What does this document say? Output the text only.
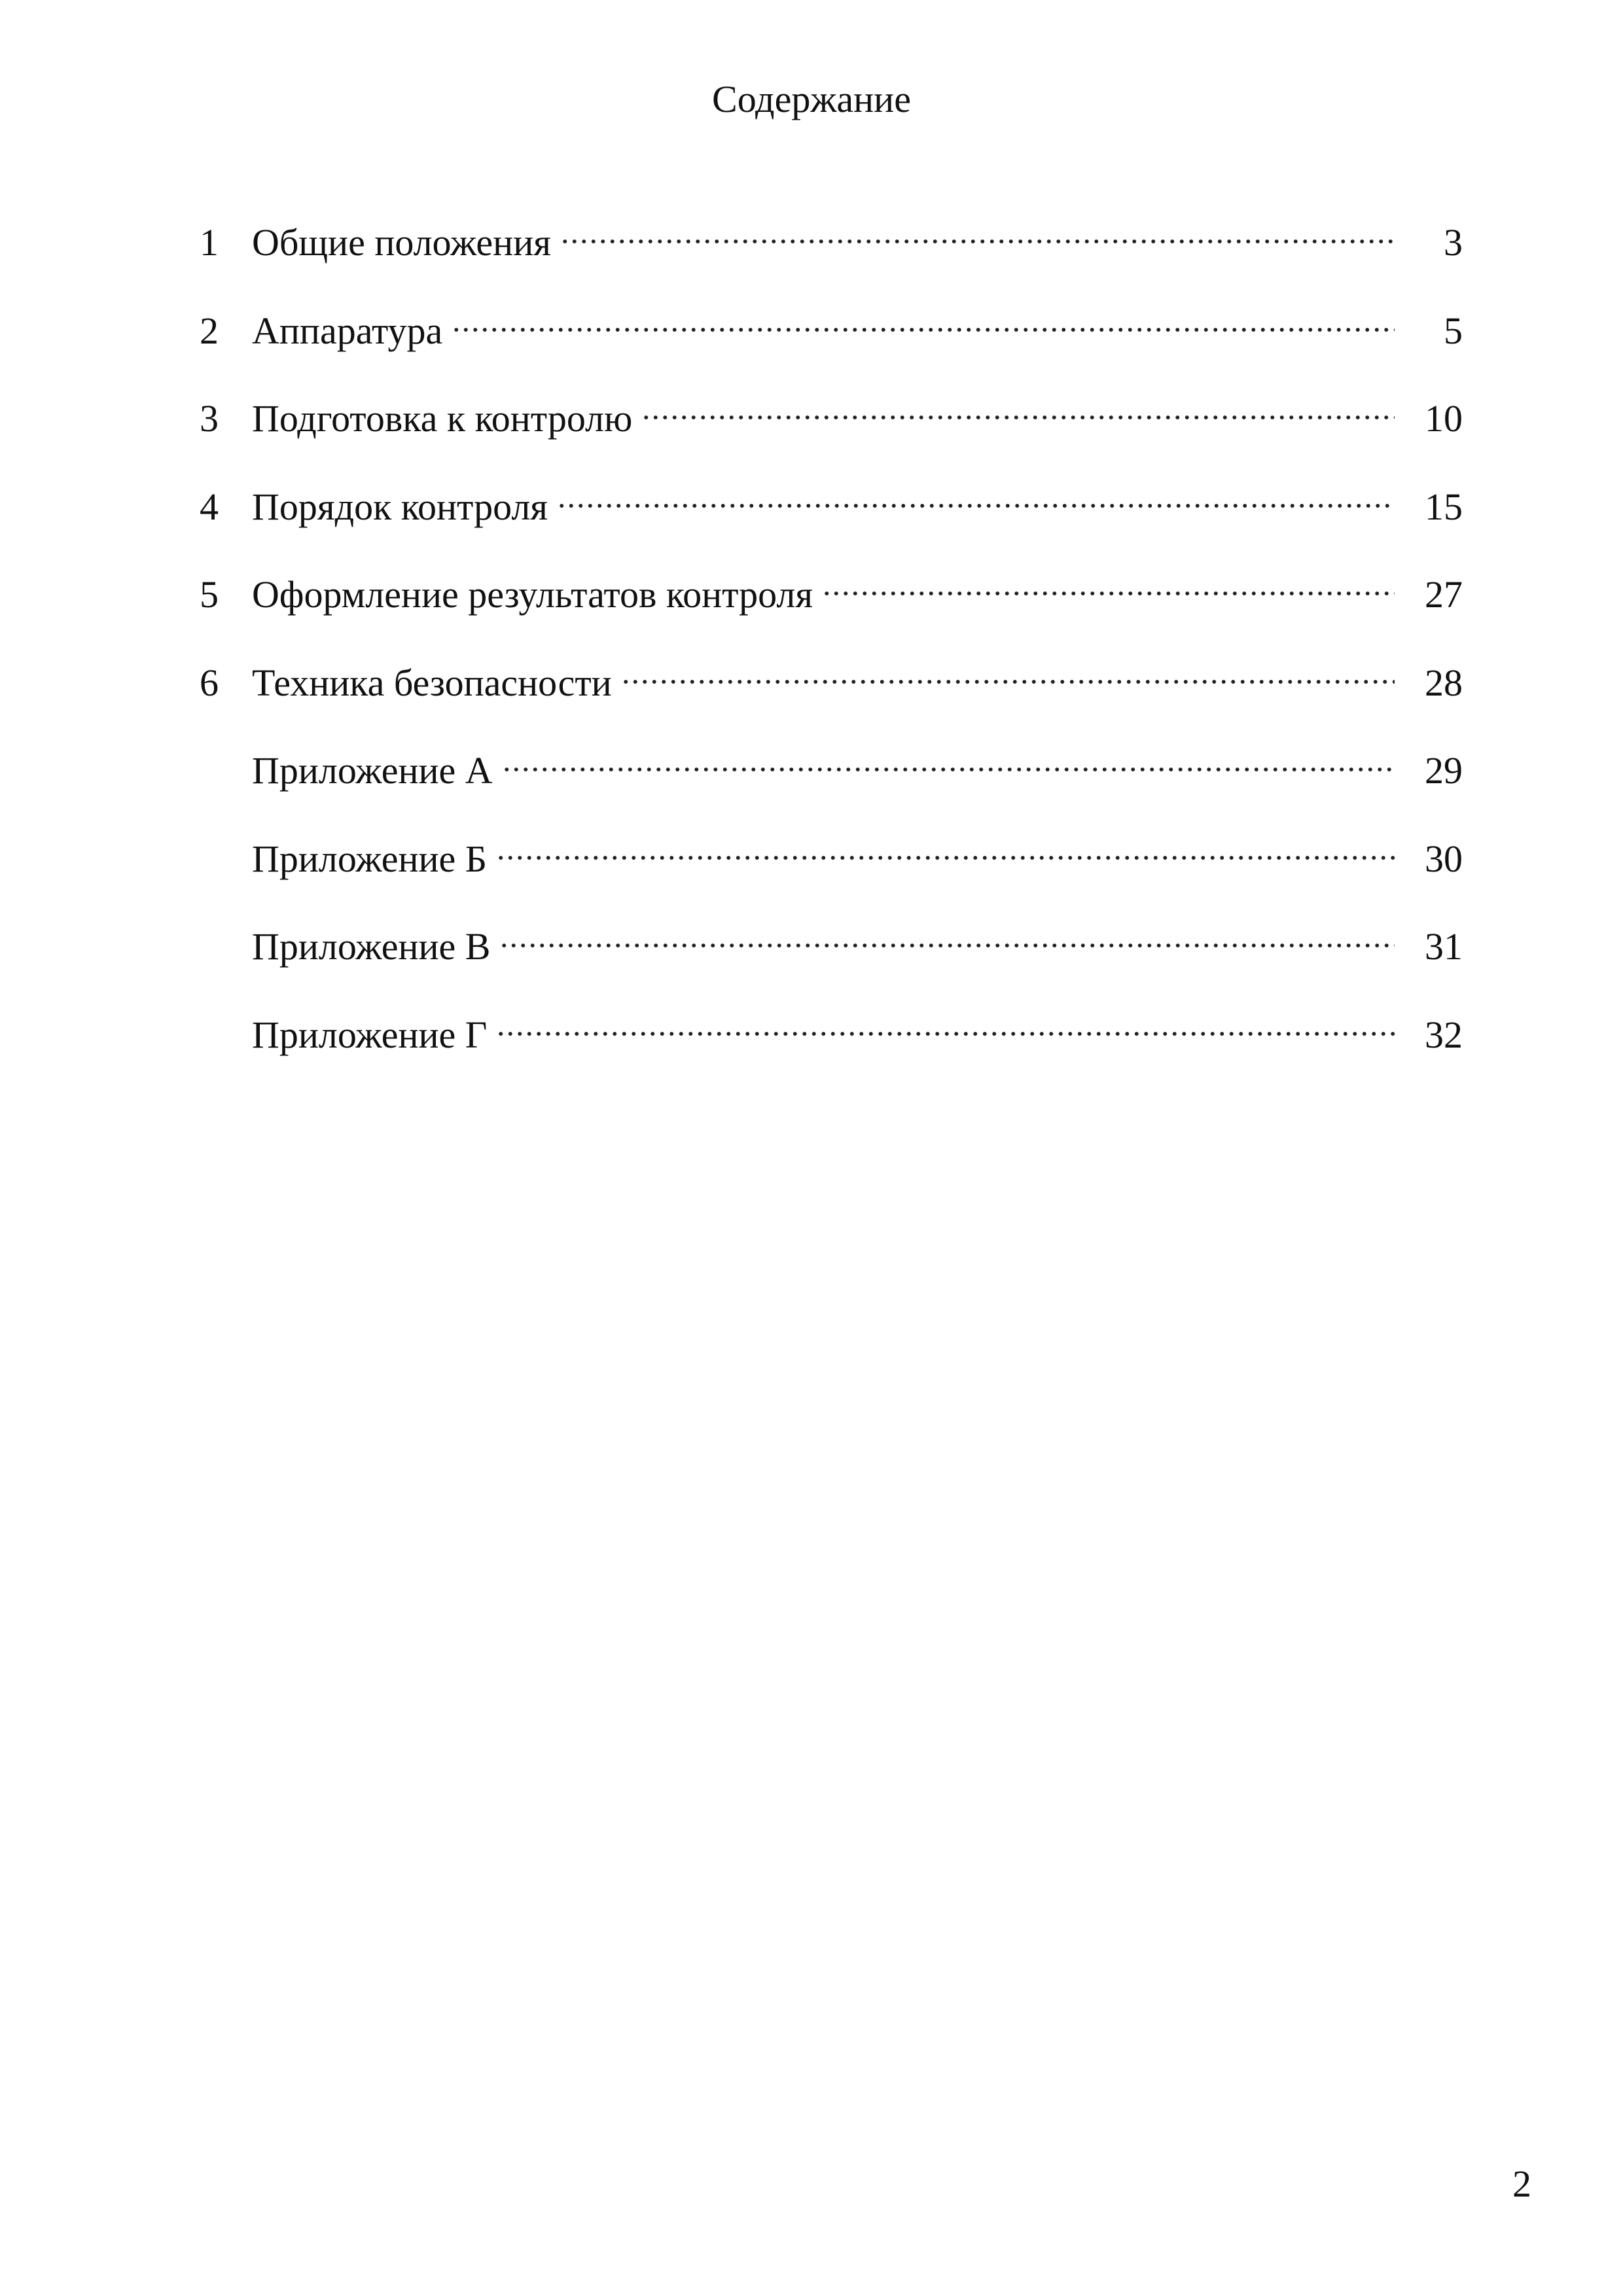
Содержание
1 Общие положения	3
2 Аппаратура	5
3 Подготовка к контролю	10
4 Порядок контроля	15
5 Оформление результатов контроля	27
6 Техника безопасности	28
Приложение А	29
Приложение Б	30
Приложение В	31
Приложение Г	32
2
